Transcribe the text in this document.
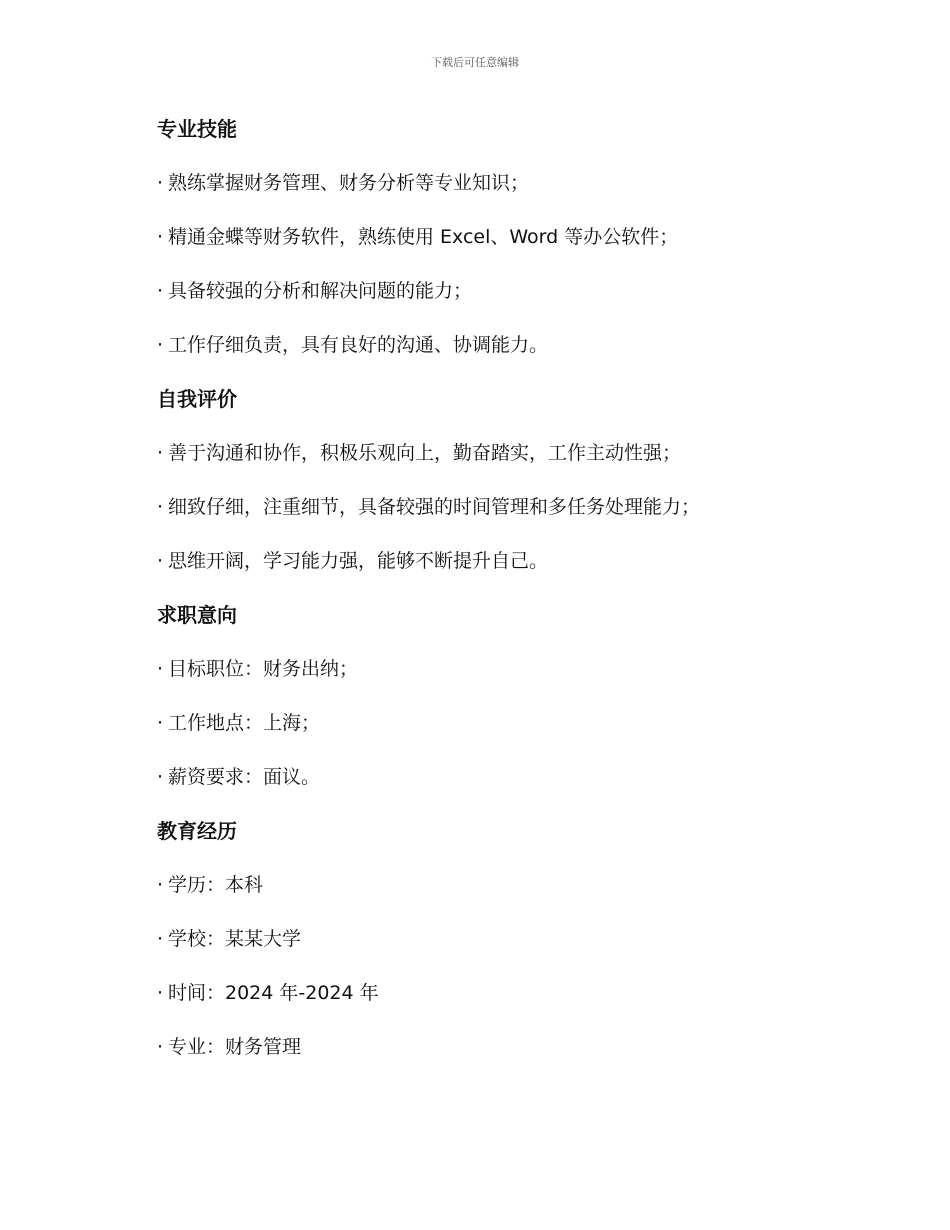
下载后可任意编辑
专业技能
· 熟练掌握财务管理、财务分析等专业知识；
· 精通金蝶等财务软件，熟练使用 Excel、Word 等办公软件；
· 具备较强的分析和解决问题的能力；
· 工作仔细负责，具有良好的沟通、协调能力。
自我评价
· 善于沟通和协作，积极乐观向上，勤奋踏实，工作主动性强；
· 细致仔细，注重细节，具备较强的时间管理和多任务处理能力；
· 思维开阔，学习能力强，能够不断提升自己。
求职意向
· 目标职位：财务出纳；
· 工作地点：上海；
· 薪资要求：面议。
教育经历
· 学历：本科
· 学校：某某大学
· 时间：2024 年-2024 年
· 专业：财务管理
